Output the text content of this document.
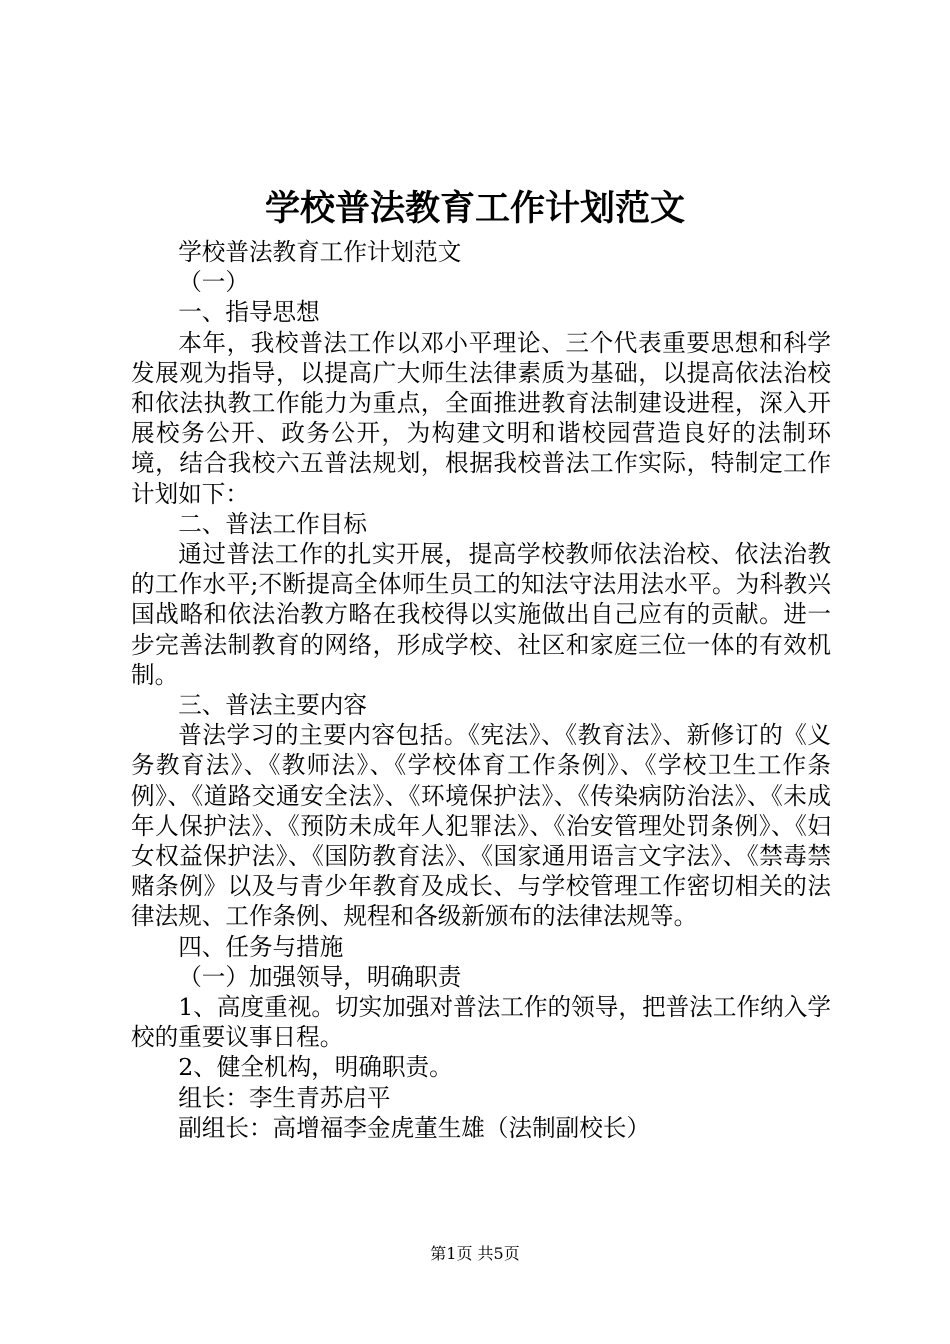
学校普法教育工作计划范文

学校普法教育工作计划范文

（一）

一、指导思想

本年，我校普法工作以邓小平理论、三个代表重要思想和科学发展观为指导，以提高广大师生法律素质为基础，以提高依法治校和依法执教工作能力为重点，全面推进教育法制建设进程，深入开展校务公开、政务公开，为构建文明和谐校园营造良好的法制环境，结合我校六五普法规划，根据我校普法工作实际，特制定工作计划如下：

二、普法工作目标

通过普法工作的扎实开展，提高学校教师依法治校、依法治教的工作水平;不断提高全体师生员工的知法守法用法水平。为科教兴国战略和依法治教方略在我校得以实施做出自己应有的贡献。进一步完善法制教育的网络，形成学校、社区和家庭三位一体的有效机制。

三、普法主要内容

普法学习的主要内容包括。《宪法》、《教育法》、新修订的《义务教育法》、《教师法》、《学校体育工作条例》、《学校卫生工作条例》、《道路交通安全法》、《环境保护法》、《传染病防治法》、《未成年人保护法》、《预防未成年人犯罪法》、《治安管理处罚条例》、《妇女权益保护法》、《国防教育法》、《国家通用语言文字法》、《禁毒禁赌条例》以及与青少年教育及成长、与学校管理工作密切相关的法律法规、工作条例、规程和各级新颁布的法律法规等。

四、任务与措施

（一）加强领导，明确职责

1、高度重视。切实加强对普法工作的领导，把普法工作纳入学校的重要议事日程。

2、健全机构，明确职责。

组长：李生青苏启平

副组长：高增福李金虎董生雄（法制副校长）

第1页 共5页
